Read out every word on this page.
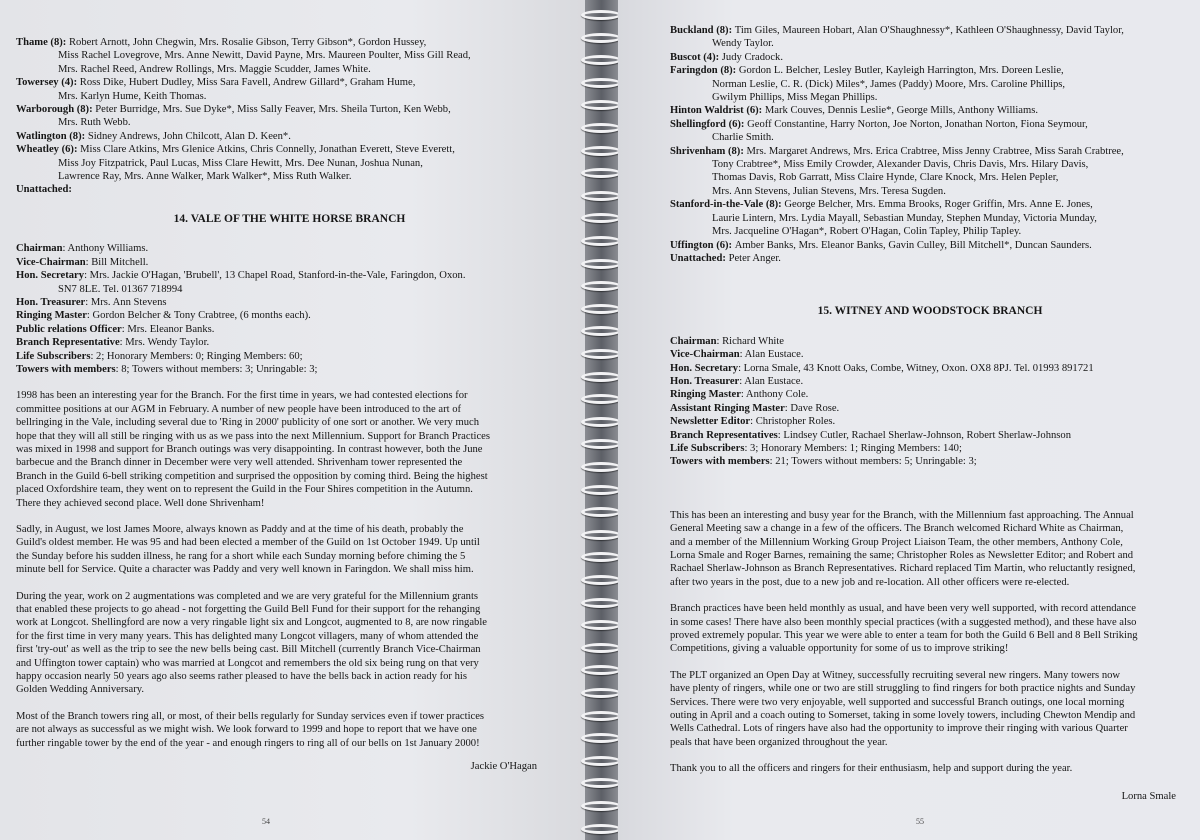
Thame (8): Robert Arnott, John Chegwin, Mrs. Rosalie Gibson, Terry Gibson*, Gordon Hussey,

Miss Rachel Lovegrove, Mrs. Anne Newitt, David Payne, Mrs. Maureen Poulter, Miss Gill Read,

Mrs. Rachel Reed, Andrew Rollings, Mrs. Maggie Scudder, James White.

Towersey (4): Ross Dike, Hubert Dudley, Miss Sara Favell, Andrew Gillard*, Graham Hume,

Mrs. Karlyn Hume, Keith Thomas.

Warborough (8): Peter Burridge, Mrs. Sue Dyke*, Miss Sally Feaver, Mrs. Sheila Turton, Ken Webb,

Mrs. Ruth Webb.

Watlington (8): Sidney Andrews, John Chilcott, Alan D. Keen*.

Wheatley (6): Miss Clare Atkins, Mrs Glenice Atkins, Chris Connelly, Jonathan Everett, Steve Everett,

Miss Joy Fitzpatrick, Paul Lucas, Miss Clare Hewitt, Mrs. Dee Nunan, Joshua Nunan,

Lawrence Ray, Mrs. Anne Walker, Mark Walker*, Miss Ruth Walker.

Unattached:

14. VALE OF THE WHITE HORSE BRANCH

Chairman: Anthony Williams.

Vice-Chairman: Bill Mitchell.

Hon. Secretary: Mrs. Jackie O'Hagan, 'Brubell', 13 Chapel Road, Stanford-in-the-Vale, Faringdon, Oxon.

SN7 8LE. Tel. 01367 718994

Hon. Treasurer: Mrs. Ann Stevens

Ringing Master: Gordon Belcher & Tony Crabtree, (6 months each).

Public relations Officer: Mrs. Eleanor Banks.

Branch Representative: Mrs. Wendy Taylor.

Life Subscribers: 2; Honorary Members: 0; Ringing Members: 60;

Towers with members: 8; Towers without members: 3; Unringable: 3;

1998 has been an interesting year for the Branch. For the first time in years, we had contested elections for

committee positions at our AGM in February. A number of new people have been introduced to the art of

bellringing in the Vale, including several due to 'Ring in 2000' publicity of one sort or another. We very much

hope that they will all still be ringing with us as we pass into the next Millennium. Support for Branch Practices

was mixed in 1998 and support for Branch outings was very disappointing. In contrast however, both the June

barbecue and the Branch dinner in December were very well attended. Shrivenham tower represented the

Branch in the Guild 6-bell striking competition and surprised the opposition by coming third. Being the highest

placed Oxfordshire team, they went on to represent the Guild in the Four Shires competition in the Autumn.

There they achieved second place. Well done Shrivenham!

Sadly, in August, we lost James Moore, always known as Paddy and at the time of his death, probably the

Guild's oldest member. He was 95 and had been elected a member of the Guild on 1st October 1949. Up until

the Sunday before his sudden illness, he rang for a short while each Sunday morning before chiming the 5

minute bell for Service. Quite a character was Paddy and very well known in Faringdon. We shall miss him.

During the year, work on 2 augmentations was completed and we are very grateful for the Millennium grants

that enabled these projects to go ahead - not forgetting the Guild Bell Fund for their support for the rehanging

work at Longcot. Shellingford are now a very ringable light six and Longcot, augmented to 8, are now ringable

for the first time in very many years. This has delighted many Longcot villagers, many of whom attended the

first 'try-out' as well as the trip to see the new bells being cast. Bill Mitchell (currently Branch Vice-Chairman

and Uffington tower captain) who was married at Longcot and remembers the old six being rung on that very

happy occasion nearly 50 years ago also seems rather pleased to have the bells back in action ready for his

Golden Wedding Anniversary.

Most of the Branch towers ring all, or most, of their bells regularly for Sunday services even if tower practices

are not always as successful as we might wish. We look forward to 1999 and hope to report that we have one

further ringable tower by the end of the year - and enough ringers to ring all of our bells on 1st January 2000!

Jackie O'Hagan

54

Buckland (8): Tim Giles, Maureen Hobart, Alan O'Shaughnessy*, Kathleen O'Shaughnessy, David Taylor,

Wendy Taylor.

Buscot (4): Judy Cradock.

Faringdon (8): Gordon L. Belcher, Lesley Butler, Kayleigh Harrington, Mrs. Doreen Leslie,

Norman Leslie, C. R. (Dick) Miles*, James (Paddy) Moore, Mrs. Caroline Phillips,

Gwilym Phillips, Miss Megan Phillips.

Hinton Waldrist (6): Mark Couves, Dennis Leslie*, George Mills, Anthony Williams.

Shellingford (6): Geoff Constantine, Harry Norton, Joe Norton, Jonathan Norton, Fiona Seymour,

Charlie Smith.

Shrivenham (8): Mrs. Margaret Andrews, Mrs. Erica Crabtree, Miss Jenny Crabtree, Miss Sarah Crabtree,

Tony Crabtree*, Miss Emily Crowder, Alexander Davis, Chris Davis, Mrs. Hilary Davis,

Thomas Davis, Rob Garratt, Miss Claire Hynde, Clare Knock, Mrs. Helen Pepler,

Mrs. Ann Stevens, Julian Stevens, Mrs. Teresa Sugden.

Stanford-in-the-Vale (8): George Belcher, Mrs. Emma Brooks, Roger Griffin, Mrs. Anne E. Jones,

Laurie Lintern, Mrs. Lydia Mayall, Sebastian Munday, Stephen Munday, Victoria Munday,

Mrs. Jacqueline O'Hagan*, Robert O'Hagan, Colin Tapley, Philip Tapley.

Uffington (6): Amber Banks, Mrs. Eleanor Banks, Gavin Culley, Bill Mitchell*, Duncan Saunders.

Unattached: Peter Anger.

15. WITNEY AND WOODSTOCK BRANCH

Chairman: Richard White

Vice-Chairman: Alan Eustace.

Hon. Secretary: Lorna Smale, 43 Knott Oaks, Combe, Witney, Oxon. OX8 8PJ. Tel. 01993 891721

Hon. Treasurer: Alan Eustace.

Ringing Master: Anthony Cole.

Assistant Ringing Master: Dave Rose.

Newsletter Editor: Christopher Roles.

Branch Representatives: Lindsey Cutler, Rachael Sherlaw-Johnson, Robert Sherlaw-Johnson

Life Subscribers: 3; Honorary Members: 1; Ringing Members: 140;

Towers with members: 21; Towers without members: 5; Unringable: 3;

This has been an interesting and busy year for the Branch, with the Millennium fast approaching. The Annual

General Meeting saw a change in a few of the officers. The Branch welcomed Richard White as Chairman,

and a member of the Millennium Working Group Project Liaison Team, the other members, Anthony Cole,

Lorna Smale and Roger Barnes, remaining the same; Christopher Roles as Newsletter Editor; and Robert and

Rachael Sherlaw-Johnson as Branch Representatives. Richard replaced Tim Martin, who reluctantly resigned,

after two years in the post, due to a new job and re-location. All other officers were re-elected.

Branch practices have been held monthly as usual, and have been very well supported, with record attendance

in some cases! There have also been monthly special practices (with a suggested method), and these have also

proved extremely popular. This year we were able to enter a team for both the Guild 6 Bell and 8 Bell Striking

Competitions, giving a valuable opportunity for some of us to improve striking!

The PLT organized an Open Day at Witney, successfully recruiting several new ringers. Many towers now

have plenty of ringers, while one or two are still struggling to find ringers for both practice nights and Sunday

Services. There were two very enjoyable, well supported and successful Branch outings, one local morning

outing in April and a coach outing to Somerset, taking in some lovely towers, including Chewton Mendip and

Wells Cathedral. Lots of ringers have also had the opportunity to improve their ringing with various Quarter

peals that have been organized throughout the year.

Thank you to all the officers and ringers for their enthusiasm, help and support during the year.

Lorna Smale

55
